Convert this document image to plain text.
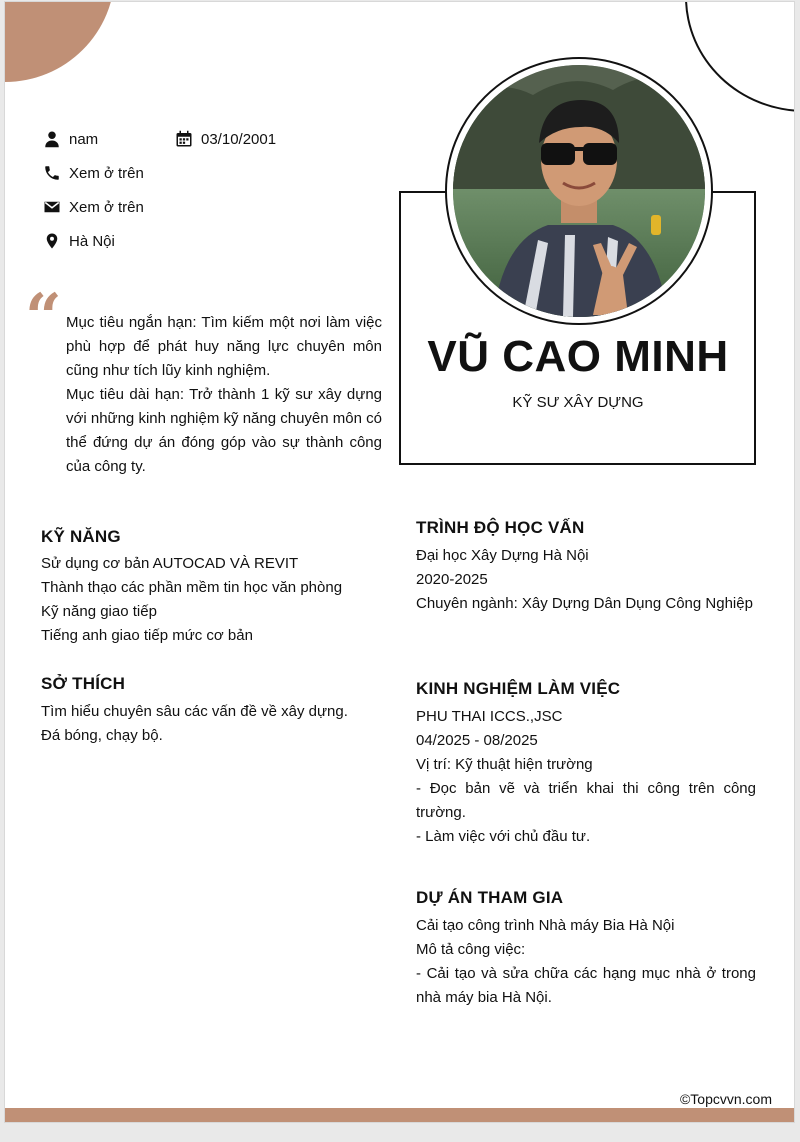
nam	03/10/2001
Xem ở trên
Xem ở trên
Hà Nội
“ Mục tiêu ngắn hạn: Tìm kiếm một nơi làm việc phù hợp để phát huy năng lực chuyên môn cũng như tích lũy kinh nghiệm.

Mục tiêu dài hạn: Trở thành 1 kỹ sư xây dựng với những kinh nghiệm kỹ năng chuyên môn có thể đứng dự án đóng góp vào sự thành công của công ty.

VŨ CAO MINH
KỸ SƯ XÂY DỰNG
KỸ NĂNG
Sử dụng cơ bản AUTOCAD VÀ REVIT
Thành thạo các phần mềm tin học văn phòng
Kỹ năng giao tiếp
Tiếng anh giao tiếp mức cơ bản
SỞ THÍCH
Tìm hiểu chuyên sâu các vấn đề về xây dựng.
Đá bóng, chạy bộ.
TRÌNH ĐỘ HỌC VẤN
Đại học Xây Dựng Hà Nội
2020-2025
Chuyên ngành: Xây Dựng Dân Dụng Công Nghiệp
KINH NGHIỆM LÀM VIỆC
PHU THAI ICCS.,JSC
04/2025 - 08/2025
Vị trí: Kỹ thuật hiện trường
- Đọc bản vẽ và triển khai thi công trên công trường.
- Làm việc với chủ đầu tư.
DỰ ÁN THAM GIA
Cải tạo công trình Nhà máy Bia Hà Nội
Mô tả công việc:
- Cải tạo và sửa chữa các hạng mục nhà ở trong nhà máy bia Hà Nội.
©Topcvvn.com
